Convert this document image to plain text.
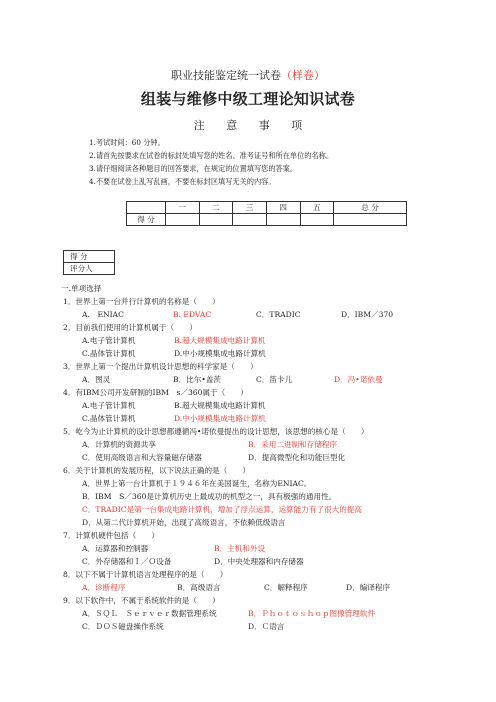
职业技能鉴定统一试卷（样卷）
组装与维修中级工理论知识试卷
注 意 事 项
1.考试时间：60 分钟。
2.请首先按要求在试卷的标封处填写您的姓名、准考证号和所在单位的名称。
3.请仔细阅读各种题目的回答要求，在规定的位置填写您的答案。
4.不要在试卷上乱写乱画，不要在标封区填写无关的内容。
	一	二	三	四	五	总 分
得 分						
得 分
评分人
一.单项选择
1．世界上第一台并行计算机的名称是（　　）
A.　ENIAC	B. EDVAC	C．TRADIC	D．IBM／370
2．目前我们使用的计算机属于（　　）
A.电子管计算机	B.超大规模集成电路计算机
C.晶体管计算机	D.中小规模集成电路计算机
3．世界上第一个提出计算机设计思想的科学家是（　　）
A．图灵	B．比尔•盖茨	C．笛卡儿	D．冯•诺依曼
4．有IBM公司开发研制的IBM　s／360属于（　　）
A.电子管计算机	B.超大规模集成电路计算机
C.晶体管计算机	D.中小规模集成电路计算机
5．屹今为止计算机的设计思想都遵循冯•诺依曼提出的设计思想，该思想的核心是（　　）
A．计算机的资源共享	B．采用二进制和存储程序
C．使用高级语言和大容量磁存储器	D．提高微型化和功能巨型化
6．关于计算机的发展历程，以下说法正确的是（　　）
A．世界上第一台计算机于１９４６年在美国诞生，名称为ENIAC。
B．IBM　S／360是计算机历史上最成功的机型之一，具有极强的通用性。
C．TRADIC是第一台集成电路计算机，增加了浮点运算，运算能力有了很大的提高
D．从第二代计算机开始，出现了高级语言，不依赖低级语言
7．计算机硬件包括（　　）
A．运算器和控制器	B．主机和外设
C．外存储器和Ｉ／Ｏ设备	D．中央处理器和内存储器
8．以下不属于计算机语言处理程序的是（　　）
A．诊断程序	B．高级语言	C．解释程序	D．编译程序
9．以下软件中，不属于系统软件的是（　　）
A．ＳＱＬ　Ｓｅｒｖｅｒ数据管理系统	B．Ｐｈｏｔｏｓｈｏｐ图像管理软件
C．ＤＯＳ磁盘操作系统	D．Ｃ语言
